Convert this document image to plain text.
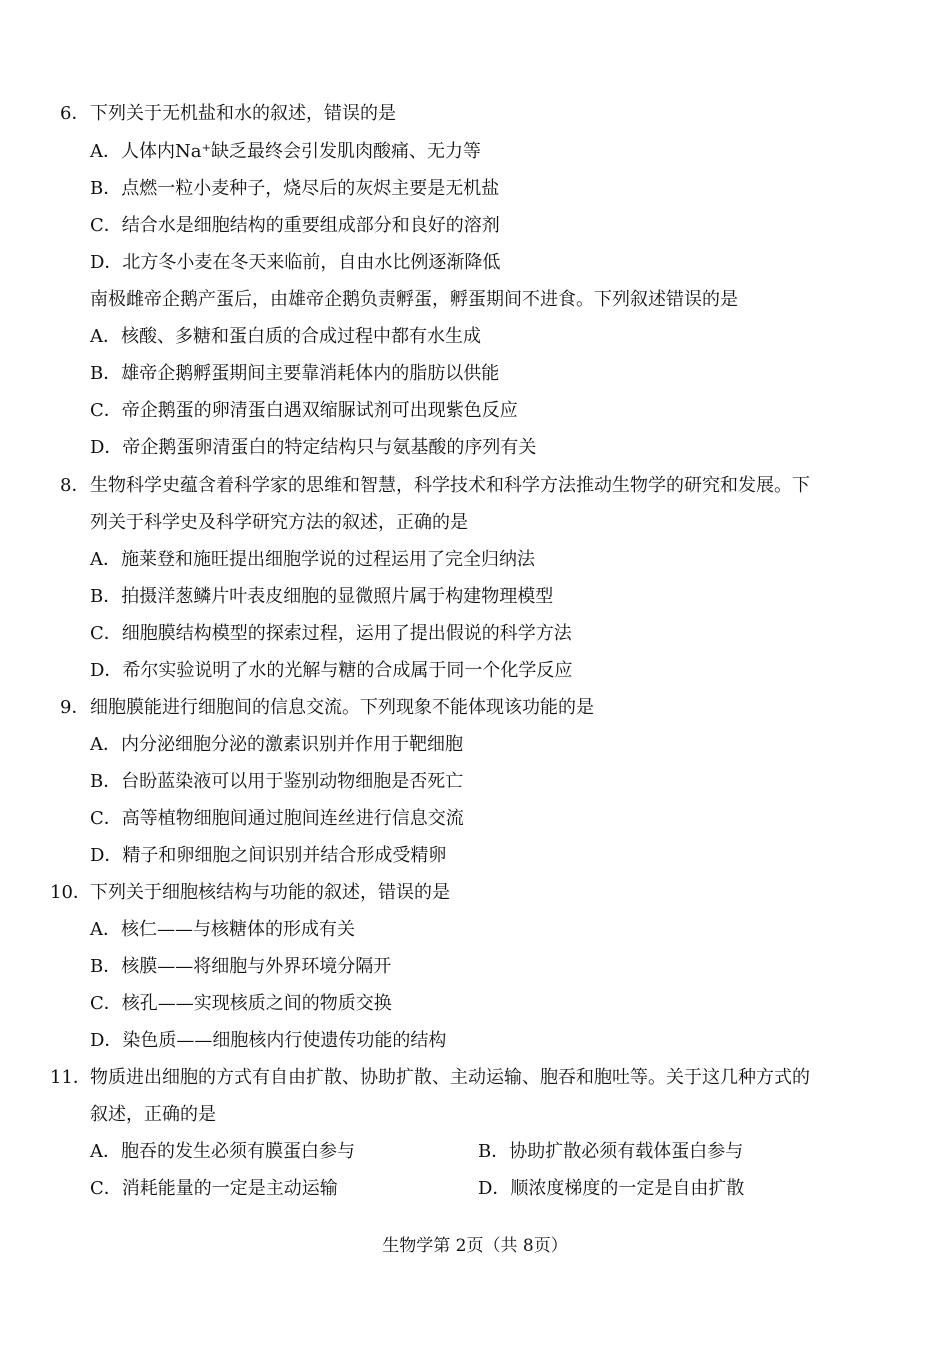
6． 下列关于无机盐和水的叙述，错误的是
A．人体内Na⁺缺乏最终会引发肌肉酸痛、无力等
B．点燃一粒小麦种子，烧尽后的灰烬主要是无机盐
C．结合水是细胞结构的重要组成部分和良好的溶剂
D．北方冬小麦在冬天来临前，自由水比例逐渐降低
南极雌帝企鹅产蛋后，由雄帝企鹅负责孵蛋，孵蛋期间不进食。下列叙述错误的是
A．核酸、多糖和蛋白质的合成过程中都有水生成
B．雄帝企鹅孵蛋期间主要靠消耗体内的脂肪以供能
C．帝企鹅蛋的卵清蛋白遇双缩脲试剂可出现紫色反应
D．帝企鹅蛋卵清蛋白的特定结构只与氨基酸的序列有关
8． 生物科学史蕴含着科学家的思维和智慧，科学技术和科学方法推动生物学的研究和发展。下
列关于科学史及科学研究方法的叙述，正确的是
A．施莱登和施旺提出细胞学说的过程运用了完全归纳法
B．拍摄洋葱鳞片叶表皮细胞的显微照片属于构建物理模型
C．细胞膜结构模型的探索过程，运用了提出假说的科学方法
D．希尔实验说明了水的光解与糖的合成属于同一个化学反应
9． 细胞膜能进行细胞间的信息交流。下列现象不能体现该功能的是
A．内分泌细胞分泌的激素识别并作用于靶细胞
B．台盼蓝染液可以用于鉴别动物细胞是否死亡
C．高等植物细胞间通过胞间连丝进行信息交流
D．精子和卵细胞之间识别并结合形成受精卵
10． 下列关于细胞核结构与功能的叙述，错误的是
A．核仁——与核糖体的形成有关
B．核膜——将细胞与外界环境分隔开
C．核孔——实现核质之间的物质交换
D．染色质——细胞核内行使遗传功能的结构
11． 物质进出细胞的方式有自由扩散、协助扩散、主动运输、胞吞和胞吐等。关于这几种方式的
叙述，正确的是
A．胞吞的发生必须有膜蛋白参与	B．协助扩散必须有载体蛋白参与
C．消耗能量的一定是主动运输	D．顺浓度梯度的一定是自由扩散
生物学第 2页（共 8页）
